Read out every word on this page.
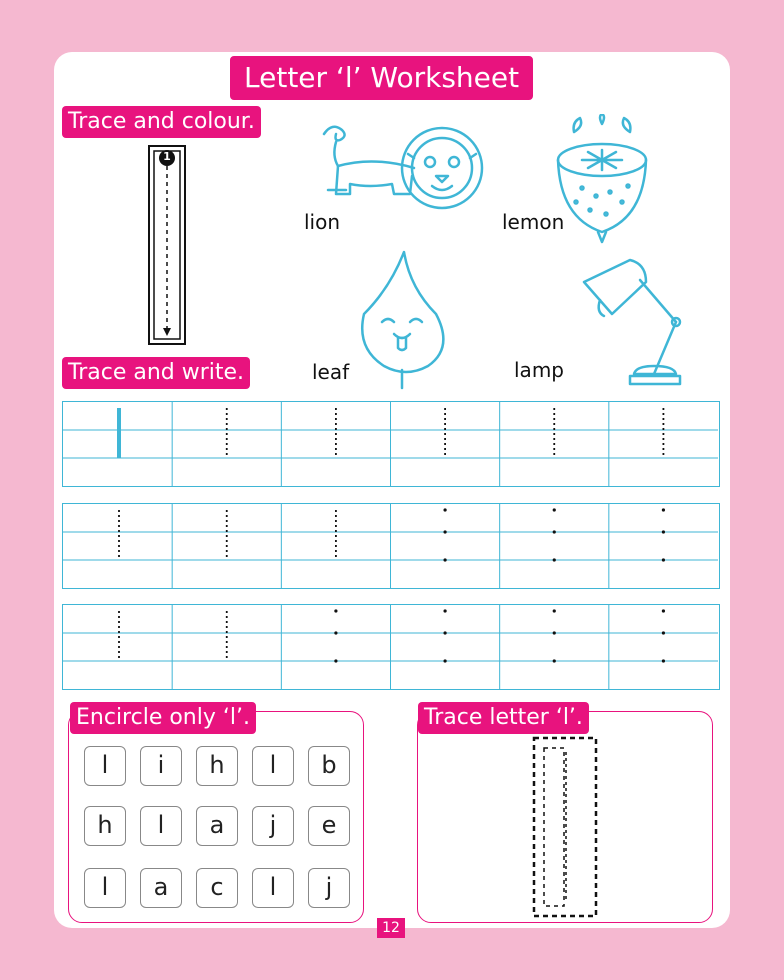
Letter ‘l’ Worksheet
Trace and colour.
1
lion	lemon
leaf	lamp
Trace and write.
Encircle only ‘l’.
l	i	h	l	b
h	l	a	j	e
l	a	c	l	j
Trace letter ‘l’.
12
